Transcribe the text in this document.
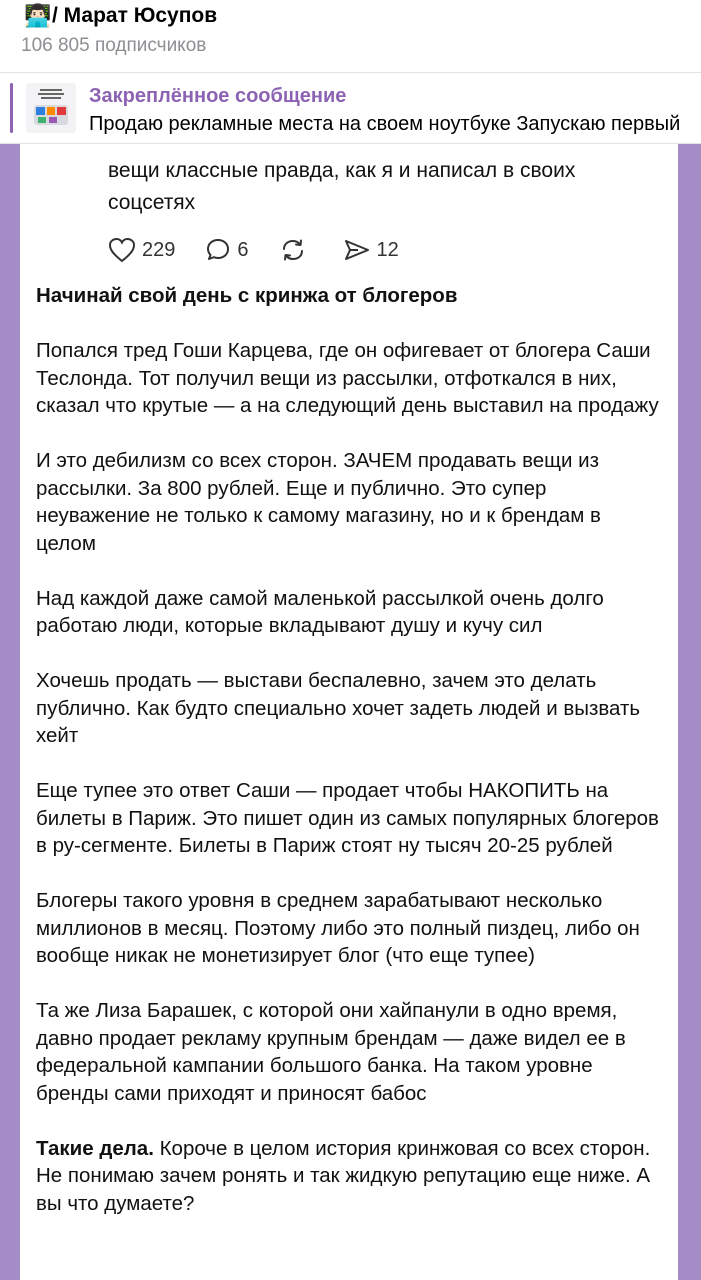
👨🏻‍💻 / Марат Юсупов
106 805 подписчиков
Закреплённое сообщение
Продаю рекламные места на своем ноутбуке Запускаю первый
вещи классные правда, как я и написал в своих соцсетях
229	6	12

Начинай свой день с кринжа от блогеров

Попался тред Гоши Карцева, где он офигевает от блогера Саши Теслонда. Тот получил вещи из рассылки, отфоткался в них, сказал что крутые — а на следующий день выставил на продажу

И это дебилизм со всех сторон. ЗАЧЕМ продавать вещи из рассылки. За 800 рублей. Еще и публично. Это супер неуважение не только к самому магазину, но и к брендам в целом

Над каждой даже самой маленькой рассылкой очень долго работаю люди, которые вкладывают душу и кучу сил

Хочешь продать — выстави беспалевно, зачем это делать публично. Как будто специально хочет задеть людей и вызвать хейт

Еще тупее это ответ Саши — продает чтобы НАКОПИТЬ на билеты в Париж. Это пишет один из самых популярных блогеров в ру-сегменте. Билеты в Париж стоят ну тысяч 20-25 рублей

Блогеры такого уровня в среднем зарабатывают несколько миллионов в месяц. Поэтому либо это полный пиздец, либо он вообще никак не монетизирует блог (что еще тупее)

Та же Лиза Барашек, с которой они хайпанули в одно время, давно продает рекламу крупным брендам — даже видел ее в федеральной кампании большого банка. На таком уровне бренды сами приходят и приносят бабос

Такие дела. Короче в целом история кринжовая со всех сторон. Не понимаю зачем ронять и так жидкую репутацию еще ниже. А вы что думаете?
